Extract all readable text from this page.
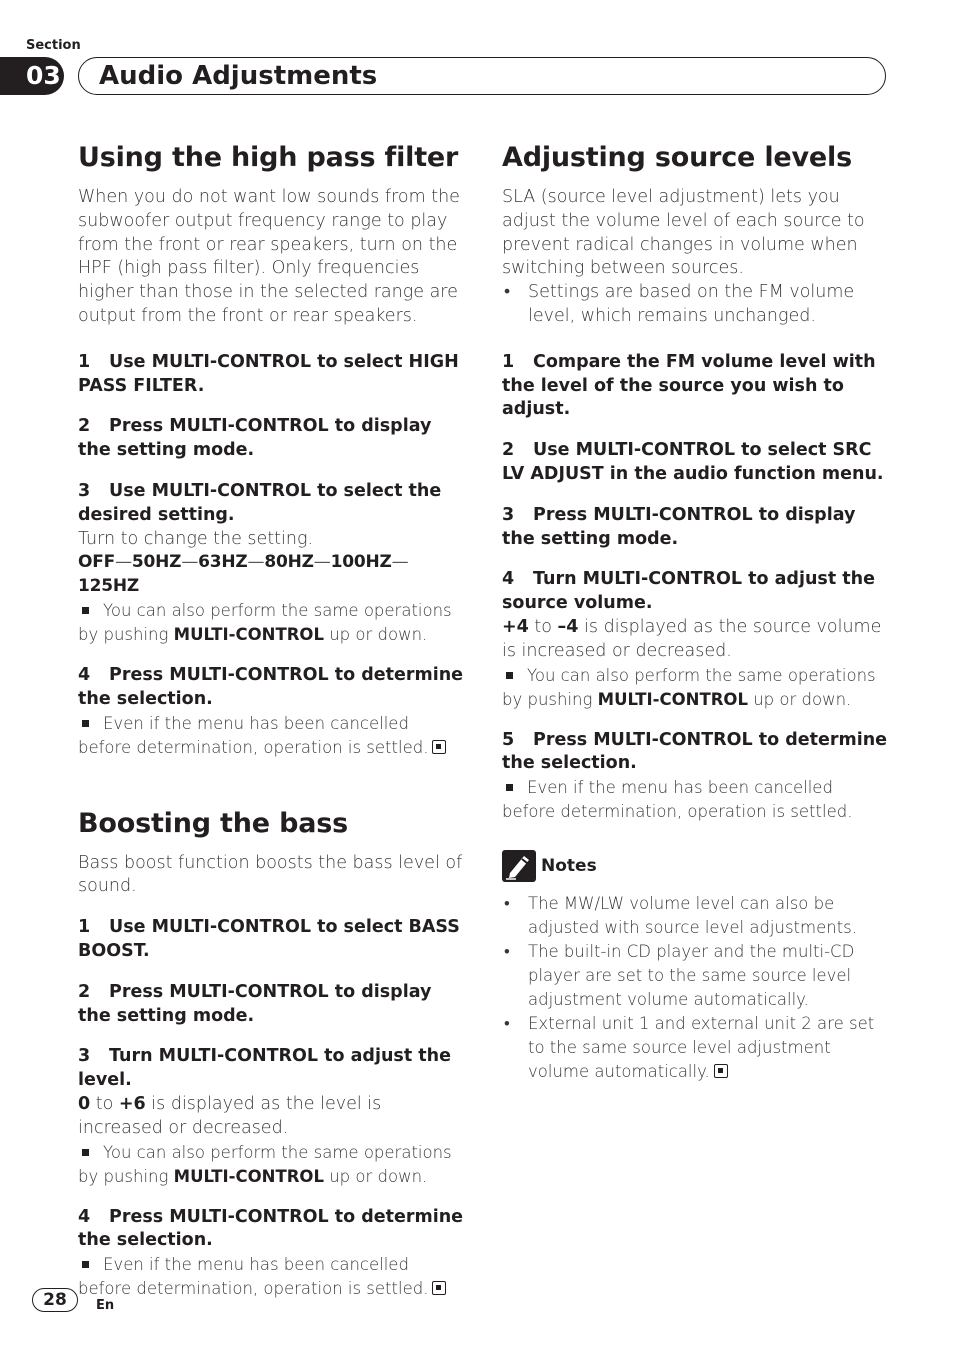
Section
03 Audio Adjustments
Using the high pass filter

When you do not want low sounds from the subwoofer output frequency range to play from the front or rear speakers, turn on the HPF (high pass filter). Only frequencies higher than those in the selected range are output from the front or rear speakers.

1 Use MULTI-CONTROL to select HIGH PASS FILTER.
2 Press MULTI-CONTROL to display the setting mode.
3 Use MULTI-CONTROL to select the desired setting.

Turn to change the setting.

OFF—50HZ—63HZ—80HZ—100HZ—125HZ

You can also perform the same operations by pushing MULTI-CONTROL up or down.

4 Press MULTI-CONTROL to determine the selection.

Even if the menu has been cancelled before determination, operation is settled.

Boosting the bass

Bass boost function boosts the bass level of sound.

1 Use MULTI-CONTROL to select BASS BOOST.
2 Press MULTI-CONTROL to display the setting mode.
3 Turn MULTI-CONTROL to adjust the level.

0 to +6 is displayed as the level is increased or decreased.

You can also perform the same operations by pushing MULTI-CONTROL up or down.

4 Press MULTI-CONTROL to determine the selection.

Even if the menu has been cancelled before determination, operation is settled.

Adjusting source levels

SLA (source level adjustment) lets you adjust the volume level of each source to prevent radical changes in volume when switching between sources.

• Settings are based on the FM volume level, which remains unchanged.

1 Compare the FM volume level with the level of the source you wish to adjust.
2 Use MULTI-CONTROL to select SRC LV ADJUST in the audio function menu.
3 Press MULTI-CONTROL to display the setting mode.
4 Turn MULTI-CONTROL to adjust the source volume.

+4 to –4 is displayed as the source volume is increased or decreased.

You can also perform the same operations by pushing MULTI-CONTROL up or down.

5 Press MULTI-CONTROL to determine the selection.

Even if the menu has been cancelled before determination, operation is settled.

Notes

• The MW/LW volume level can also be adjusted with source level adjustments.

• The built-in CD player and the multi-CD player are set to the same source level adjustment volume automatically.

• External unit 1 and external unit 2 are set to the same source level adjustment volume automatically.

28	En
